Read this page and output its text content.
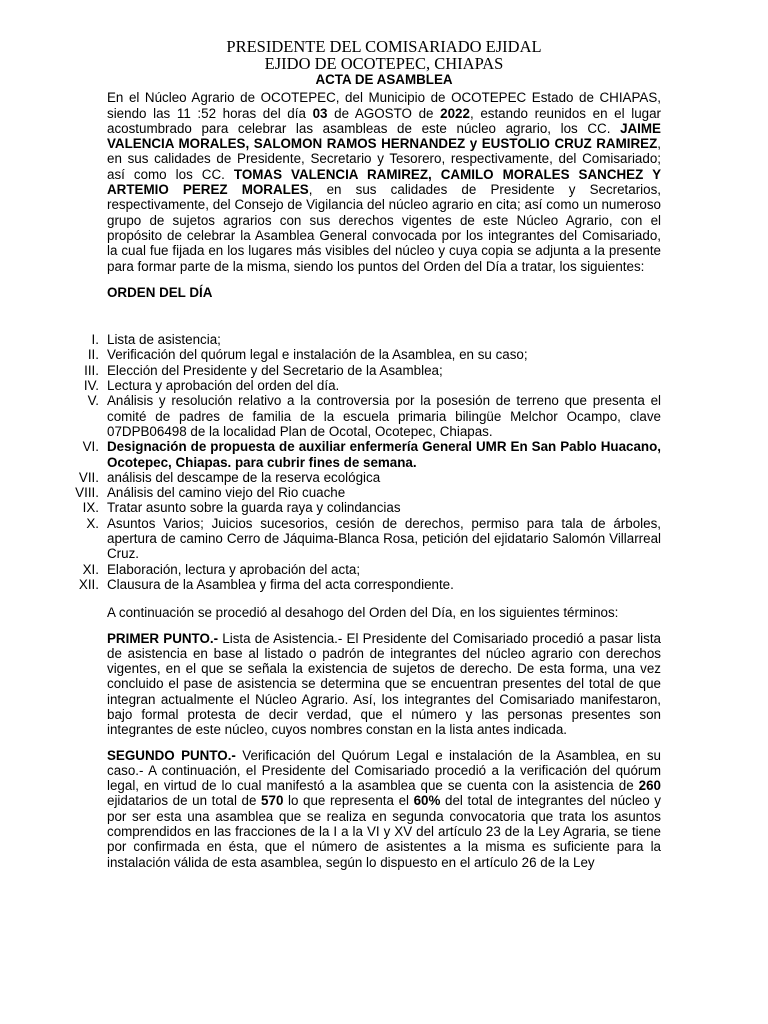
PRESIDENTE DEL COMISARIADO EJIDAL
EJIDO DE OCOTEPEC, CHIAPAS
ACTA DE ASAMBLEA

En el Núcleo Agrario de OCOTEPEC, del Municipio de OCOTEPEC Estado de CHIAPAS, siendo las 11 :52 horas del día 03 de AGOSTO de 2022, estando reunidos en el lugar acostumbrado para celebrar las asambleas de este núcleo agrario, los CC. JAIME VALENCIA MORALES, SALOMON RAMOS HERNANDEZ y EUSTOLIO CRUZ RAMIREZ, en sus calidades de Presidente, Secretario y Tesorero, respectivamente, del Comisariado; así como los CC. TOMAS VALENCIA RAMIREZ, CAMILO MORALES SANCHEZ Y ARTEMIO PEREZ MORALES, en sus calidades de Presidente y Secretarios, respectivamente, del Consejo de Vigilancia del núcleo agrario en cita; así como un numeroso grupo de sujetos agrarios con sus derechos vigentes de este Núcleo Agrario, con el propósito de celebrar la Asamblea General convocada por los integrantes del Comisariado, la cual fue fijada en los lugares más visibles del núcleo y cuya copia se adjunta a la presente para formar parte de la misma, siendo los puntos del Orden del Día a tratar, los siguientes:

ORDEN DEL DÍA
I. Lista de asistencia;
II. Verificación del quórum legal e instalación de la Asamblea, en su caso;
III. Elección del Presidente y del Secretario de la Asamblea;
IV. Lectura y aprobación del orden del día.
V. Análisis y resolución relativo a la controversia por la posesión de terreno que presenta el comité de padres de familia de la escuela primaria bilingüe Melchor Ocampo, clave 07DPB06498 de la localidad Plan de Ocotal, Ocotepec, Chiapas.
VI. Designación de propuesta de auxiliar enfermería General UMR En San Pablo Huacano, Ocotepec, Chiapas. para cubrir fines de semana.
VII. análisis del descampe de la reserva ecológica
VIII. Análisis del camino viejo del Rio cuache
IX. Tratar asunto sobre la guarda raya y colindancias
X. Asuntos Varios; Juicios sucesorios, cesión de derechos, permiso para tala de árboles, apertura de camino Cerro de Jáquima-Blanca Rosa, petición del ejidatario Salomón Villarreal Cruz.
XI. Elaboración, lectura y aprobación del acta;
XII. Clausura de la Asamblea y firma del acta correspondiente.

A continuación se procedió al desahogo del Orden del Día, en los siguientes términos:

PRIMER PUNTO.- Lista de Asistencia.- El Presidente del Comisariado procedió a pasar lista de asistencia en base al listado o padrón de integrantes del núcleo agrario con derechos vigentes, en el que se señala la existencia de sujetos de derecho. De esta forma, una vez concluido el pase de asistencia se determina que se encuentran presentes del total de que integran actualmente el Núcleo Agrario. Así, los integrantes del Comisariado manifestaron, bajo formal protesta de decir verdad, que el número y las personas presentes son integrantes de este núcleo, cuyos nombres constan en la lista antes indicada.

SEGUNDO PUNTO.- Verificación del Quórum Legal e instalación de la Asamblea, en su caso.- A continuación, el Presidente del Comisariado procedió a la verificación del quórum legal, en virtud de lo cual manifestó a la asamblea que se cuenta con la asistencia de 260 ejidatarios de un total de 570 lo que representa el 60% del total de integrantes del núcleo y por ser esta una asamblea que se realiza en segunda convocatoria que trata los asuntos comprendidos en las fracciones de la I a la VI y XV del artículo 23 de la Ley Agraria, se tiene por confirmada en ésta, que el número de asistentes a la misma es suficiente para la instalación válida de esta asamblea, según lo dispuesto en el artículo 26 de la Ley
